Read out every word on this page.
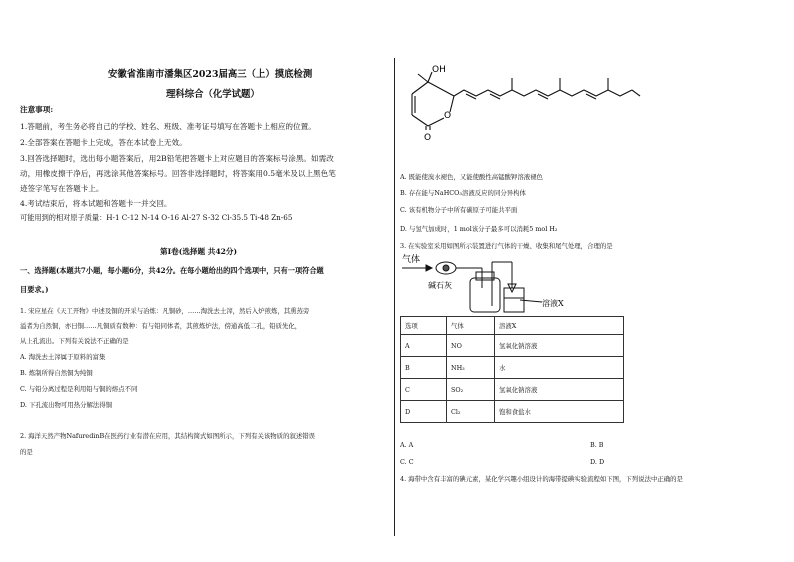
安徽省淮南市潘集区2023届高三（上）摸底检测
理科综合（化学试题）
注意事项:
1.答题前，考生务必将自己的学校、姓名、班级、准考证号填写在答题卡上相应的位置。
2.全部答案在答题卡上完成，答在本试卷上无效。
3.回答选择题时，选出每小题答案后，用2B铅笔把答题卡上对应题目的答案标号涂黑。如需改
动，用橡皮擦干净后，再选涂其他答案标号。回答非选择题时，将答案用0.5毫米及以上黑色笔
迹签字笔写在答题卡上。
4.考试结束后，将本试题和答题卡一并交回。
可能用到的相对原子质量：H-1 C-12 N-14 O-16 Al-27 S-32 Cl-35.5 Ti-48 Zn-65
第Ⅰ卷(选择题 共42分)
一、选择题(本题共7小题，每小题6分，共42分。在每小题给出的四个选项中，只有一项符合题
目要求。)
1. 宋应星在《天工开物》中述及铜的开采与冶炼：凡铜砂，……淘洗去土滓，然后入炉煎炼，其熏蒸旁
溢者为自然铜，亦曰铜……凡铜质有数种：有与铅同体者，其煎炼炉法，傍通高低二孔，铅质先化，
从上孔流出。下列有关说法不正确的是
A. 淘洗去土滓属于原料的富集
B. 炼制所得自然铜为纯铜
C. 与铅分离过程是利用铅与铜的熔点不同
D. 下孔流出物可用热分解法得铜
2. 海洋天然产物NafuredinB在医药行业有潜在应用，其结构简式如图所示，下列有关该物质的叙述错误
的是
OH
O
O
A. 既能使溴水褪色，又能使酸性高锰酸钾溶液褪色
B. 存在能与NaHCO₃溶液反应的同分异构体
C. 该有机物分子中所有碳原子可能共平面
D. 与氢气加成时，1 mol该分子最多可以消耗5 mol H₂
3. 在实验室采用如图所示装置进行气体的干燥、收集和尾气处理，合理的是
气体
碱石灰
溶液X
选项	气体	溶液X
A	NO	氢氧化钠溶液
B	NH₃	水
C	SO₂	氢氧化钠溶液
D	Cl₂	饱和食盐水
A. A	B. B
C. C	D. D
4. 海带中含有丰富的碘元素，某化学兴趣小组设计的海带提碘实验流程如下图，下列说法中正确的是
